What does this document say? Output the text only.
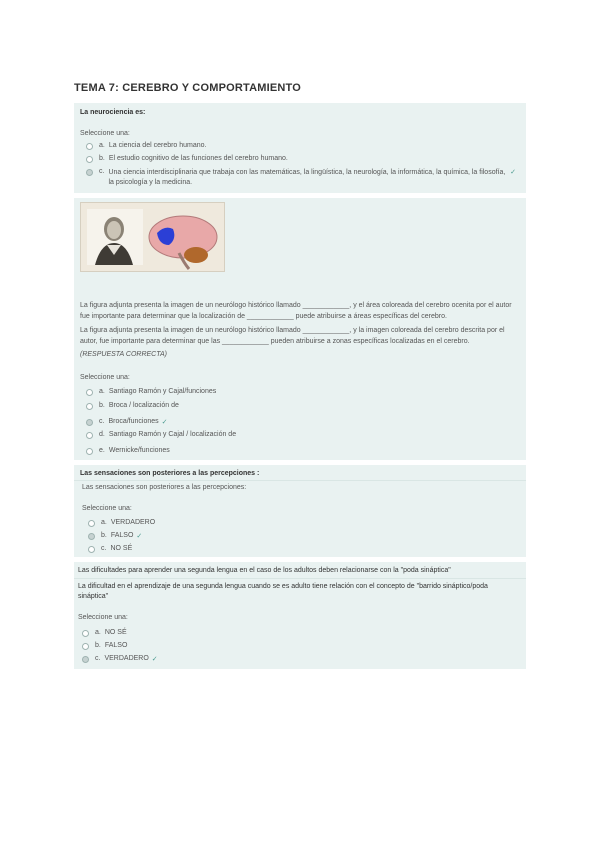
TEMA 7: CEREBRO Y COMPORTAMIENTO
La neurociencia es:
Seleccione una:
a. La ciencia del cerebro humano.
b. El estudio cognitivo de las funciones del cerebro humano.
c. Una ciencia interdisciplinaria que trabaja con las matemáticas, la lingüística, la neurología, la informática, la química, la filosofía, la psicología y la medicina.
✓
La figura adjunta presenta la imagen de un neurólogo histórico llamado ____________, y el área coloreada del cerebro ocenita por el autor fue importante para determinar que la localización de ____________ puede atribuirse a áreas específicas del cerebro.
La figura adjunta presenta la imagen de un neurólogo histórico llamado ____________, y la imagen coloreada del cerebro descrita por el autor, fue importante para determinar que las ____________ pueden atribuirse a zonas específicas localizadas en el cerebro.
(RESPUESTA CORRECTA)
Seleccione una:
a. Santiago Ramón y Cajal/funciones
b. Broca / localización de
c. Broca/funciones ✓
d. Santiago Ramón y Cajal / localización de
e. Wernicke/funciones
Las sensaciones son posteriores a las percepciones :
Las sensaciones son posteriores a las percepciones:
Seleccione una:
a. VERDADERO
b. FALSO ✓
c. NO SÉ
Las dificultades para aprender una segunda lengua en el caso de los adultos deben relacionarse con la "poda sináptica"
La dificultad en el aprendizaje de una segunda lengua cuando se es adulto tiene relación con el concepto de "barrido sináptico/poda sináptica"
Seleccione una:
a. NO SÉ
b. FALSO
c. VERDADERO ✓
